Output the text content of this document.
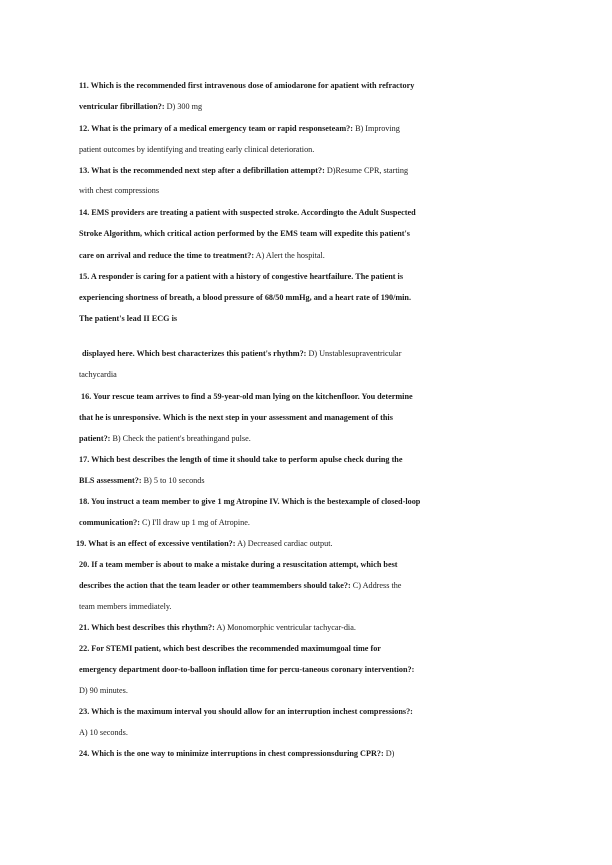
11. Which is the recommended first intravenous dose of amiodarone for apatient with refractory
ventricular fibrillation?: D) 300 mg
12. What is the primary of a medical emergency team or rapid responseteam?: B) Improving
patient outcomes by identifying and treating early clinical deterioration.
13. What is the recommended next step after a defibrillation attempt?: D)Resume CPR, starting
with chest compressions
14. EMS providers are treating a patient with suspected stroke. Accordingto the Adult Suspected
Stroke Algorithm, which critical action performed by the EMS team will expedite this patient's
care on arrival and reduce the time to treatment?: A) Alert the hospital.
15. A responder is caring for a patient with a history of congestive heartfailure. The patient is
experiencing shortness of breath, a blood pressure of 68/50 mmHg, and a heart rate of 190/min.
The patient's lead II ECG is
displayed here. Which best characterizes this patient's rhythm?: D) Unstablesupraventricular
tachycardia
16. Your rescue team arrives to find a 59-year-old man lying on the kitchenfloor. You determine
that he is unresponsive. Which is the next step in your assessment and management of this
patient?: B) Check the patient's breathingand pulse.
17. Which best describes the length of time it should take to perform apulse check during the
BLS assessment?: B) 5 to 10 seconds
18. You instruct a team member to give 1 mg Atropine IV. Which is the bestexample of closed-loop
communication?: C) I'll draw up 1 mg of Atropine.
19. What is an effect of excessive ventilation?: A) Decreased cardiac output.
20. If a team member is about to make a mistake during a resuscitation attempt, which best
describes the action that the team leader or other teammembers should take?: C) Address the
team members immediately.
21. Which best describes this rhythm?: A) Monomorphic ventricular tachycar-dia.
22. For STEMI patient, which best describes the recommended maximumgoal time for
emergency department door-to-balloon inflation time for percu-taneous coronary intervention?:
D) 90 minutes.
23. Which is the maximum interval you should allow for an interruption inchest compressions?:
A) 10 seconds.
24. Which is the one way to minimize interruptions in chest compressionsduring CPR?: D)
